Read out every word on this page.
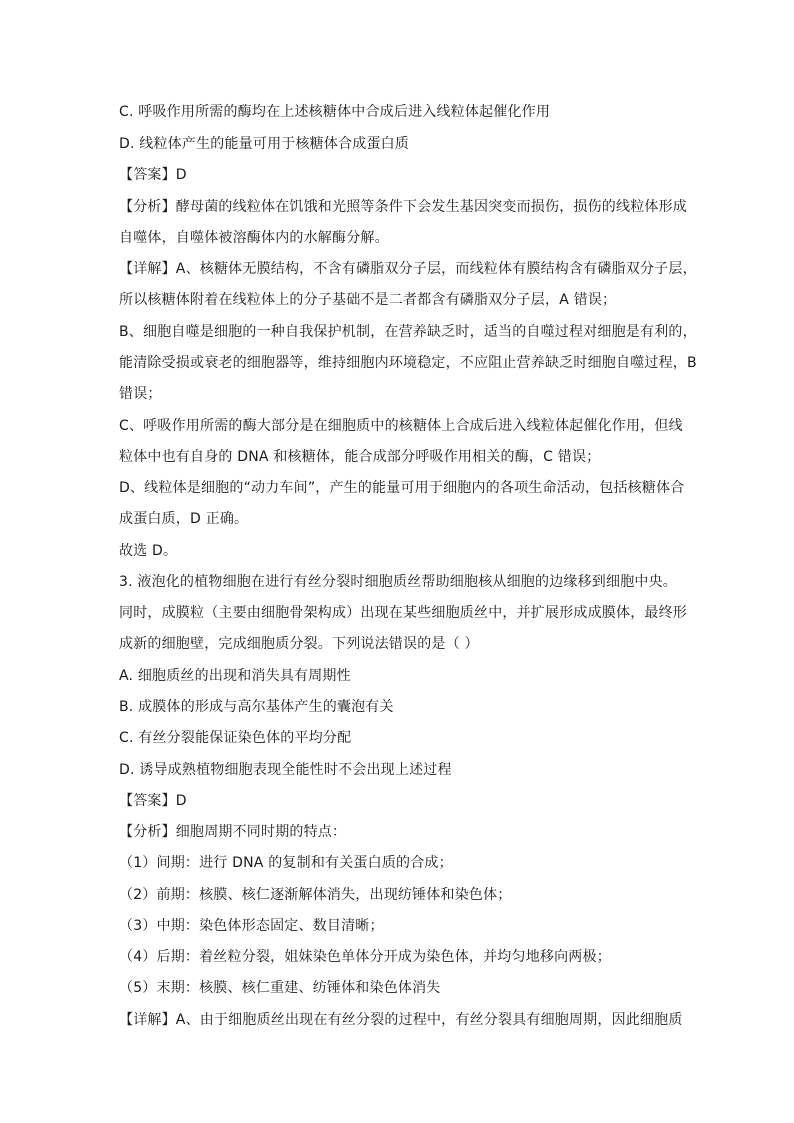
C. 呼吸作用所需的酶均在上述核糖体中合成后进入线粒体起催化作用
D. 线粒体产生的能量可用于核糖体合成蛋白质
【答案】D
【分析】酵母菌的线粒体在饥饿和光照等条件下会发生基因突变而损伤，损伤的线粒体形成
自噬体，自噬体被溶酶体内的水解酶分解。
【详解】A、核糖体无膜结构，不含有磷脂双分子层，而线粒体有膜结构含有磷脂双分子层，
所以核糖体附着在线粒体上的分子基础不是二者都含有磷脂双分子层，A 错误；
B、细胞自噬是细胞的一种自我保护机制，在营养缺乏时，适当的自噬过程对细胞是有利的，
能清除受损或衰老的细胞器等，维持细胞内环境稳定，不应阻止营养缺乏时细胞自噬过程，B
错误；
C、呼吸作用所需的酶大部分是在细胞质中的核糖体上合成后进入线粒体起催化作用，但线
粒体中也有自身的 DNA 和核糖体，能合成部分呼吸作用相关的酶，C 错误；
D、线粒体是细胞的“动力车间”，产生的能量可用于细胞内的各项生命活动，包括核糖体合
成蛋白质，D 正确。
故选 D。
3. 液泡化的植物细胞在进行有丝分裂时细胞质丝帮助细胞核从细胞的边缘移到细胞中央。
同时，成膜粒（主要由细胞骨架构成）出现在某些细胞质丝中，并扩展形成成膜体，最终形
成新的细胞壁，完成细胞质分裂。下列说法错误的是（ ）
A. 细胞质丝的出现和消失具有周期性
B. 成膜体的形成与高尔基体产生的囊泡有关
C. 有丝分裂能保证染色体的平均分配
D. 诱导成熟植物细胞表现全能性时不会出现上述过程
【答案】D
【分析】细胞周期不同时期的特点：
（1）间期：进行 DNA 的复制和有关蛋白质的合成；
（2）前期：核膜、核仁逐渐解体消失，出现纺锤体和染色体；
（3）中期：染色体形态固定、数目清晰；
（4）后期：着丝粒分裂，姐妹染色单体分开成为染色体，并均匀地移向两极；
（5）末期：核膜、核仁重建、纺锤体和染色体消失
【详解】A、由于细胞质丝出现在有丝分裂的过程中，有丝分裂具有细胞周期，因此细胞质
